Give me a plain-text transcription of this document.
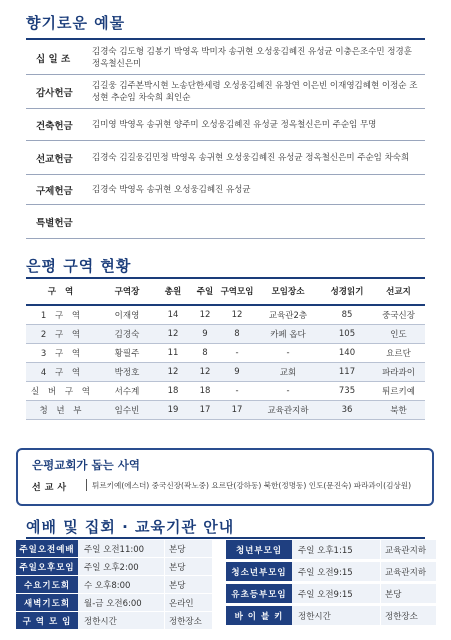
향기로운 예물
십 일 조
김경숙 김도형 김봉기 박영옥 박미자 송귀현 오성웅김혜진 유성균 이충은조수민 정경훈 정옥철신은미
감사헌금
김길웅 김주본박시현 노송단한세령 오성웅김혜진 유창연 이은빈 이재영김혜현 이정순 조성현 추순임 차숙희 최인순
건축헌금	김미영 박영옥 송귀현 양주미 오성웅김혜진 유성균 정옥철신은미 주순임 무명
선교헌금	김경숙 김길웅김민정 박영옥 송귀현 오성웅김혜진 유성균 정옥철신은미 주순임 차숙희
구제헌금	김경숙 박영옥 송귀현 오성웅김혜진 유성균
특별헌금
은평 구역 현황
구 역	구역장	총원	주일	구역모임	모임장소	성경읽기	선교지
1 구 역	이재영	14	12	12	교육관2층	85	중국신장
2 구 역	김경숙	12	9	8	카페 옵다	105	인도
3 구 역	황필주	11	8	-	-	140	요르단
4 구 역	박정호	12	12	9	교회	117	파라과이
실 버 구 역	서수계	18	18	-	-	735	튀르키예
청 년 부	임수빈	19	17	17	교육관지하	36	북한
은평교회가 돕는 사역
선교사	튀르키예(에스더) 중국신장(곽노중) 요르단(강하동) 북한(정명동) 인도(문진숙) 파라과이(김상원)
예배 및 집회 · 교육기관 안내
주일오전예배	주일 오전11:00	본당
주일오후모임	주일 오후2:00	본당
수요기도회	수 오후8:00	본당
새벽기도회	월-금 오전6:00	온라인
구 역 모 임	정한시간	정한장소
청년부모임	주일 오후1:15	교육관지하
청소년부모임	주일 오전9:15	교육관지하
유초등부모임	주일 오전9:15	본당
바 이 블 키	정한시간	정한장소
